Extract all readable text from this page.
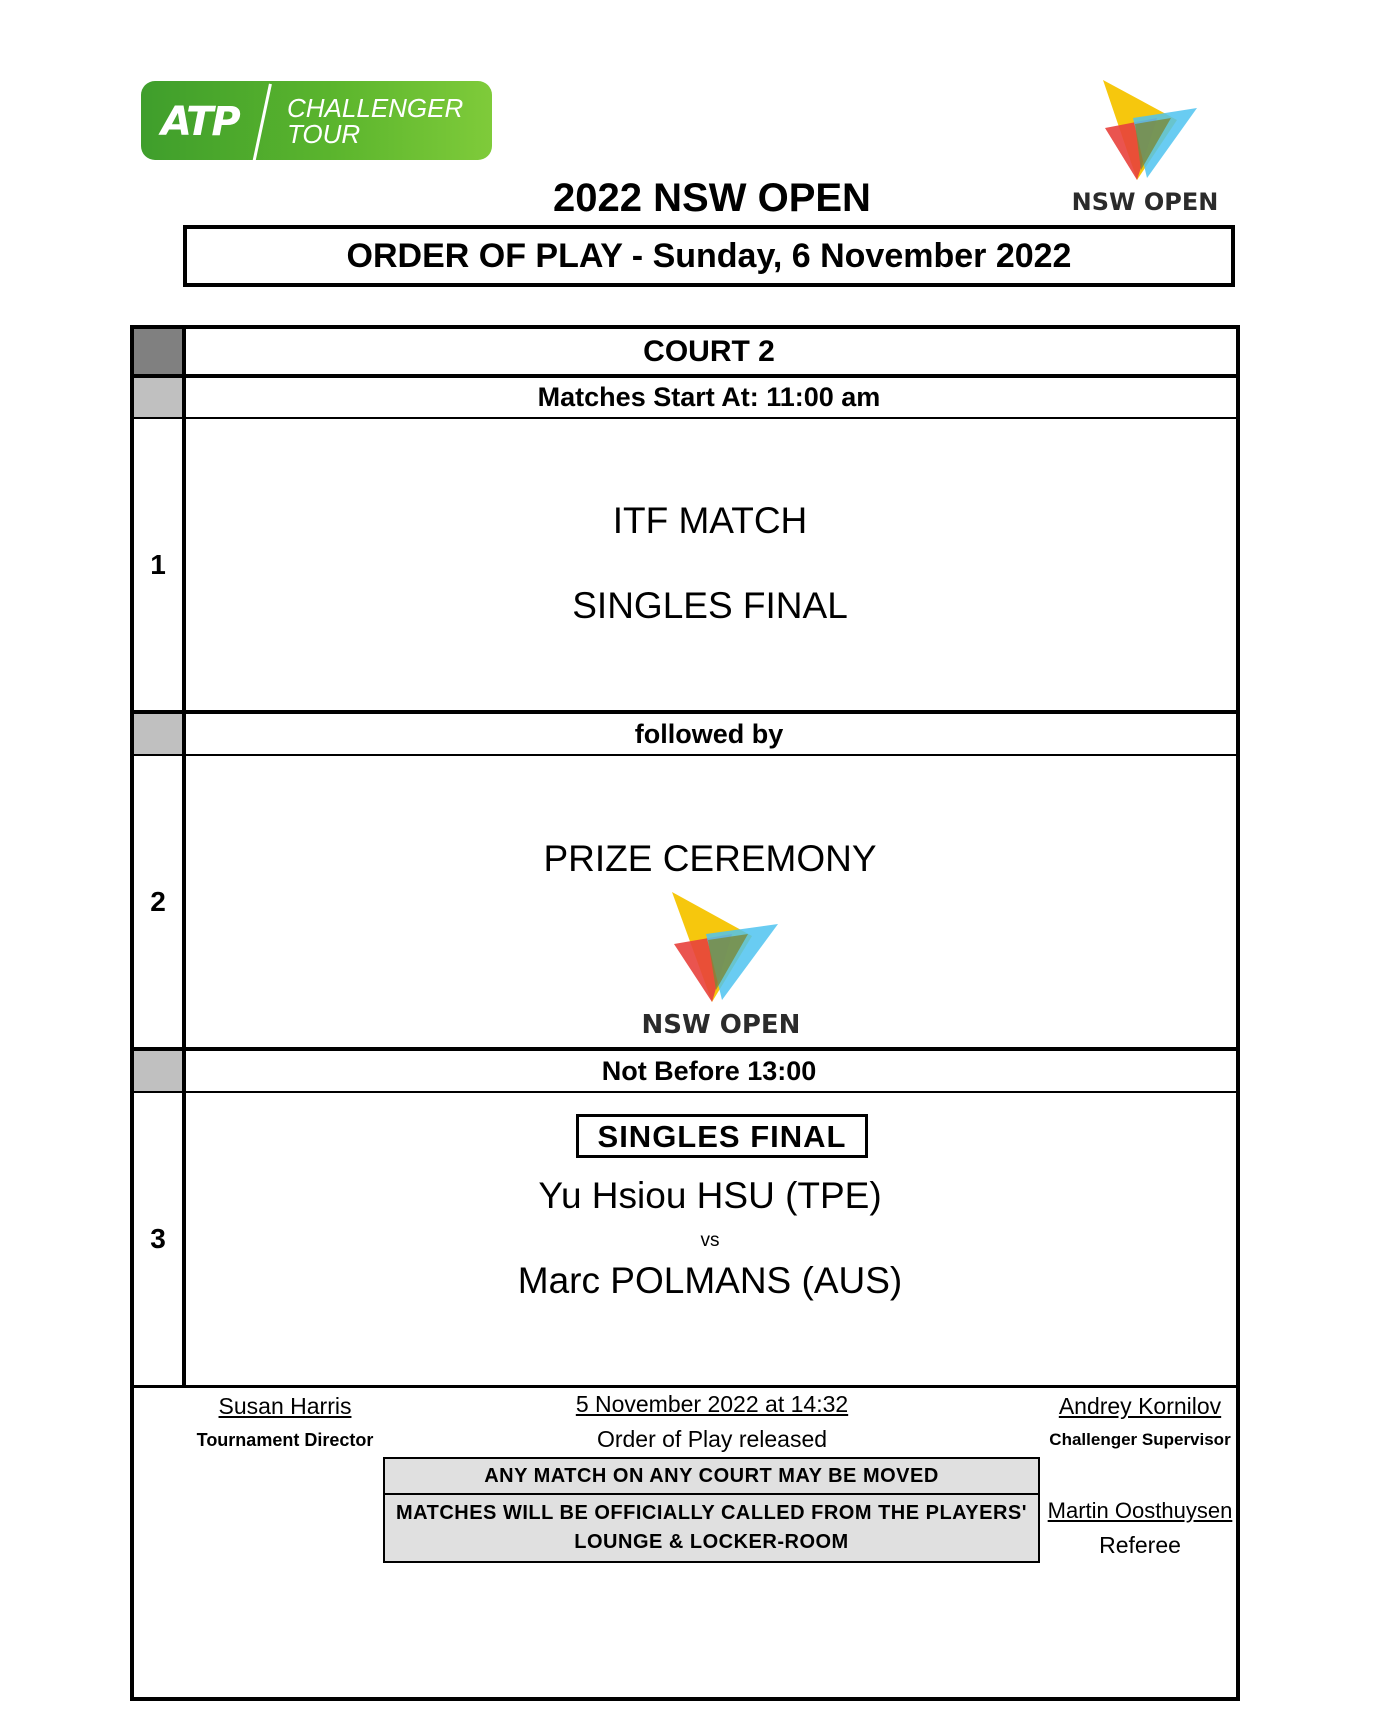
ATP CHALLENGER
TOUR
NSW OPEN
2022 NSW OPEN
ORDER OF PLAY - Sunday, 6 November 2022
COURT 2
Matches Start At: 11:00 am
1
ITF MATCH
SINGLES FINAL
followed by
2
PRIZE CEREMONY
NSW OPEN
Not Before 13:00
3
SINGLES FINAL
Yu Hsiou HSU (TPE)
vs
Marc POLMANS (AUS)
Susan Harris
Tournament Director
5 November 2022 at 14:32
Order of Play released
Andrey Kornilov
Challenger Supervisor
ANY MATCH ON ANY COURT MAY BE MOVED
MATCHES WILL BE OFFICIALLY CALLED FROM THE PLAYERS'
LOUNGE & LOCKER-ROOM
Martin Oosthuysen
Referee
